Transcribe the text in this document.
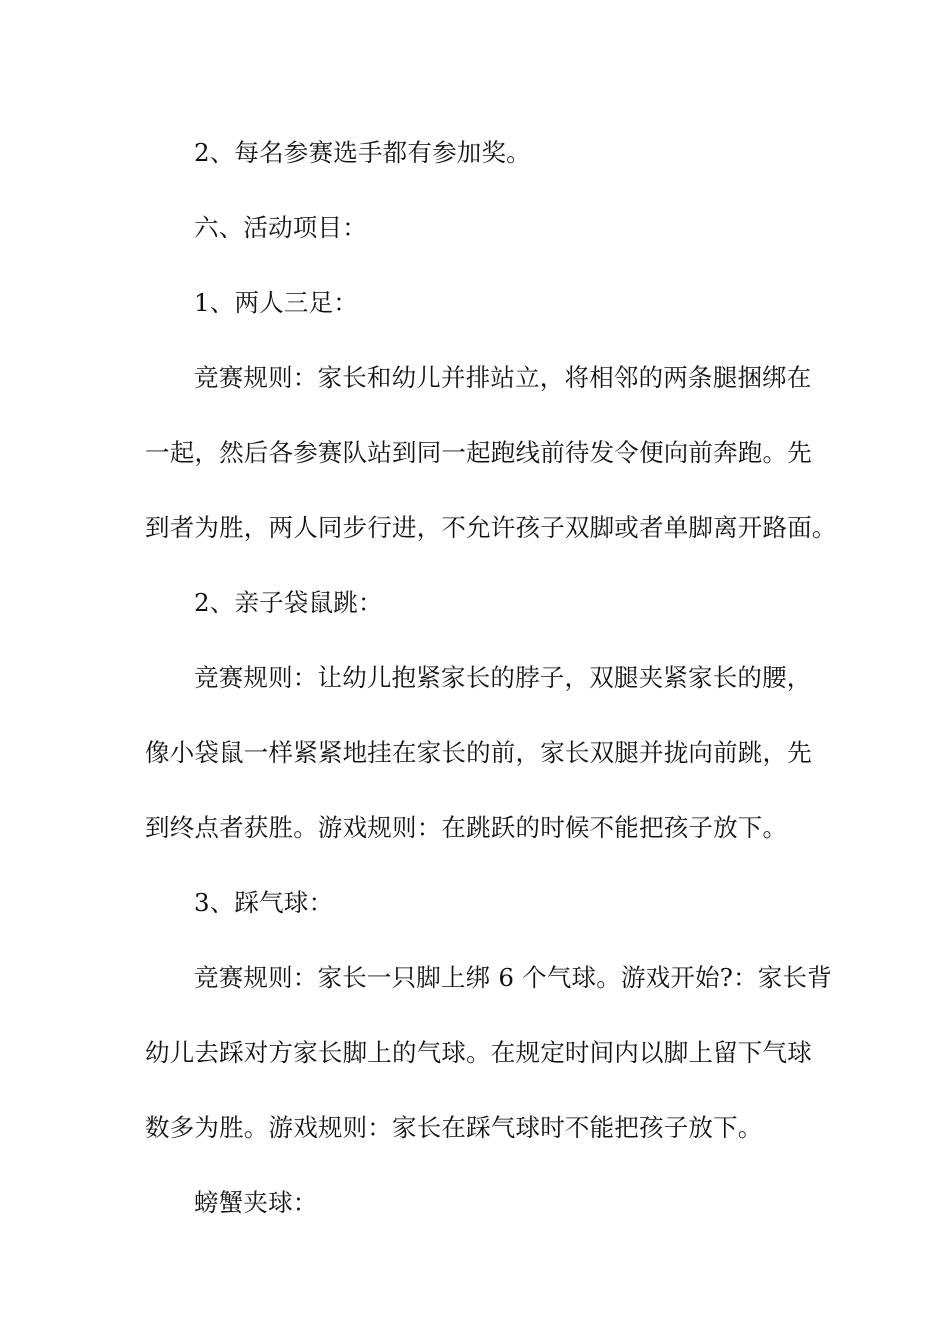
2、每名参赛选手都有参加奖。
六、活动项目：
1、两人三足：
竞赛规则：家长和幼儿并排站立，将相邻的两条腿捆绑在
一起，然后各参赛队站到同一起跑线前待发令便向前奔跑。先
到者为胜，两人同步行进，不允许孩子双脚或者单脚离开路面。
2、亲子袋鼠跳：
竞赛规则：让幼儿抱紧家长的脖子，双腿夹紧家长的腰，
像小袋鼠一样紧紧地挂在家长的前，家长双腿并拢向前跳，先
到终点者获胜。游戏规则：在跳跃的时候不能把孩子放下。
3、踩气球：
竞赛规则：家长一只脚上绑 6 个气球。游戏开始?：家长背
幼儿去踩对方家长脚上的气球。在规定时间内以脚上留下气球
数多为胜。游戏规则：家长在踩气球时不能把孩子放下。
螃蟹夹球：
